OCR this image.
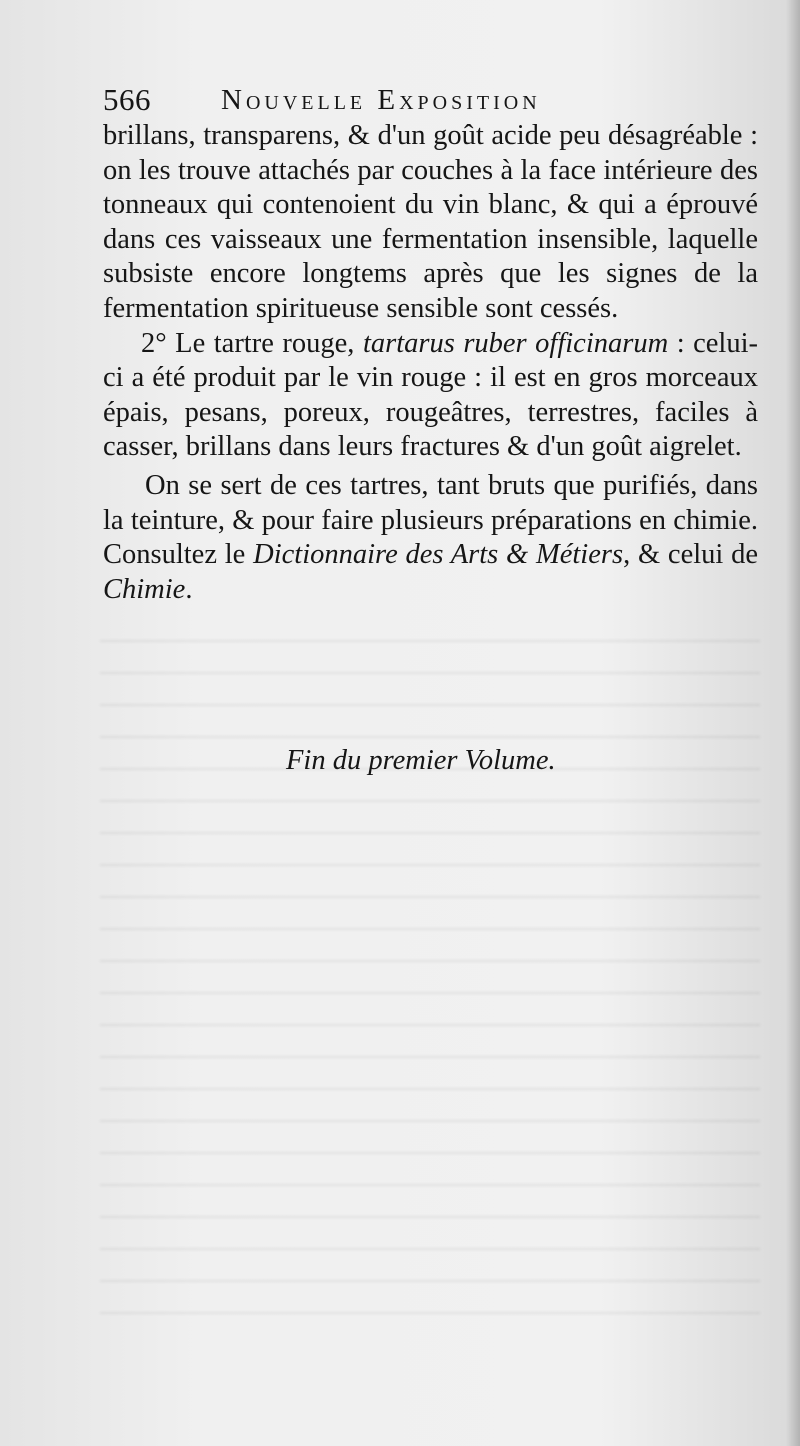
566 Nouvelle Exposition

brillans, transparens, & d'un goût acide peu désagréable : on les trouve attachés par couches à la face intérieure des tonneaux qui contenoient du vin blanc, & qui a éprouvé dans ces vaisseaux une fermentation insensible, laquelle subsiste encore longtems après que les signes de la fermentation spiritueuse sensible sont cessés.

2° Le tartre rouge, tartarus ruber officinarum : celui-ci a été produit par le vin rouge : il est en gros morceaux épais, pesans, poreux, rougeâtres, terrestres, faciles à casser, brillans dans leurs fractures & d'un goût aigrelet.

On se sert de ces tartres, tant bruts que purifiés, dans la teinture, & pour faire plusieurs préparations en chimie. Consultez le Dictionnaire des Arts & Métiers, & celui de Chimie.

Fin du premier Volume.
